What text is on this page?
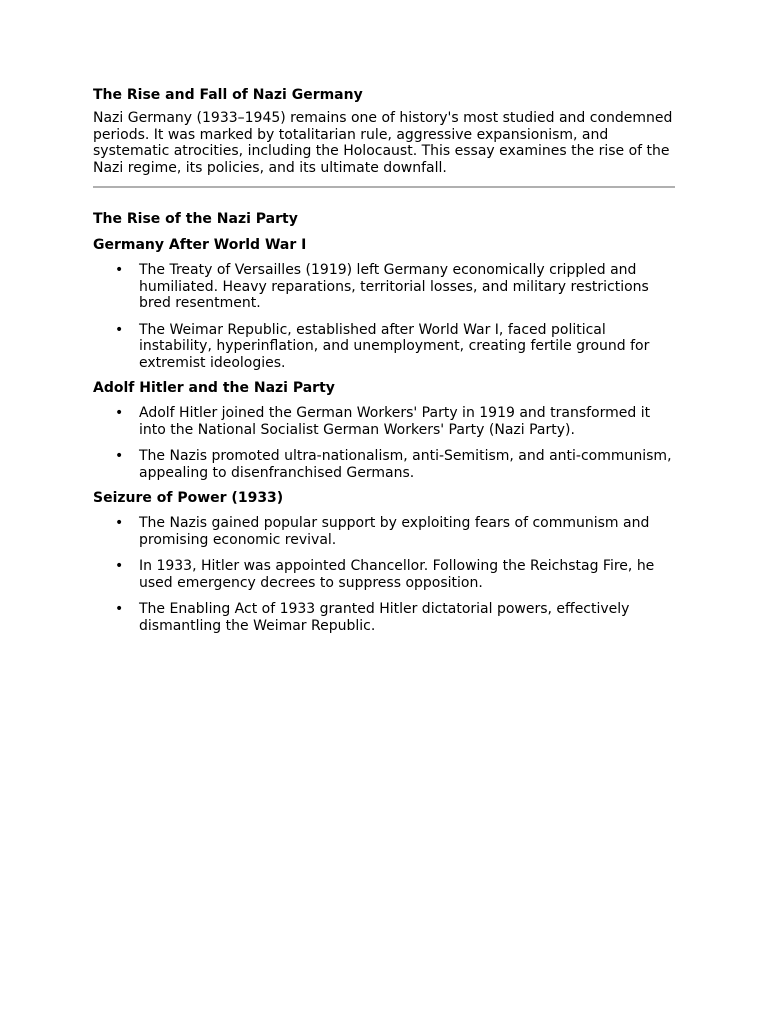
The Rise and Fall of Nazi Germany

Nazi Germany (1933–1945) remains one of history's most studied and condemned periods. It was marked by totalitarian rule, aggressive expansionism, and systematic atrocities, including the Holocaust. This essay examines the rise of the Nazi regime, its policies, and its ultimate downfall.

The Rise of the Nazi Party
Germany After World War I
• The Treaty of Versailles (1919) left Germany economically crippled and humiliated. Heavy reparations, territorial losses, and military restrictions bred resentment.
• The Weimar Republic, established after World War I, faced political instability, hyperinflation, and unemployment, creating fertile ground for extremist ideologies.
Adolf Hitler and the Nazi Party
• Adolf Hitler joined the German Workers' Party in 1919 and transformed it into the National Socialist German Workers' Party (Nazi Party).
• The Nazis promoted ultra-nationalism, anti-Semitism, and anti-communism, appealing to disenfranchised Germans.
Seizure of Power (1933)
• The Nazis gained popular support by exploiting fears of communism and promising economic revival.
• In 1933, Hitler was appointed Chancellor. Following the Reichstag Fire, he used emergency decrees to suppress opposition.
• The Enabling Act of 1933 granted Hitler dictatorial powers, effectively dismantling the Weimar Republic.
